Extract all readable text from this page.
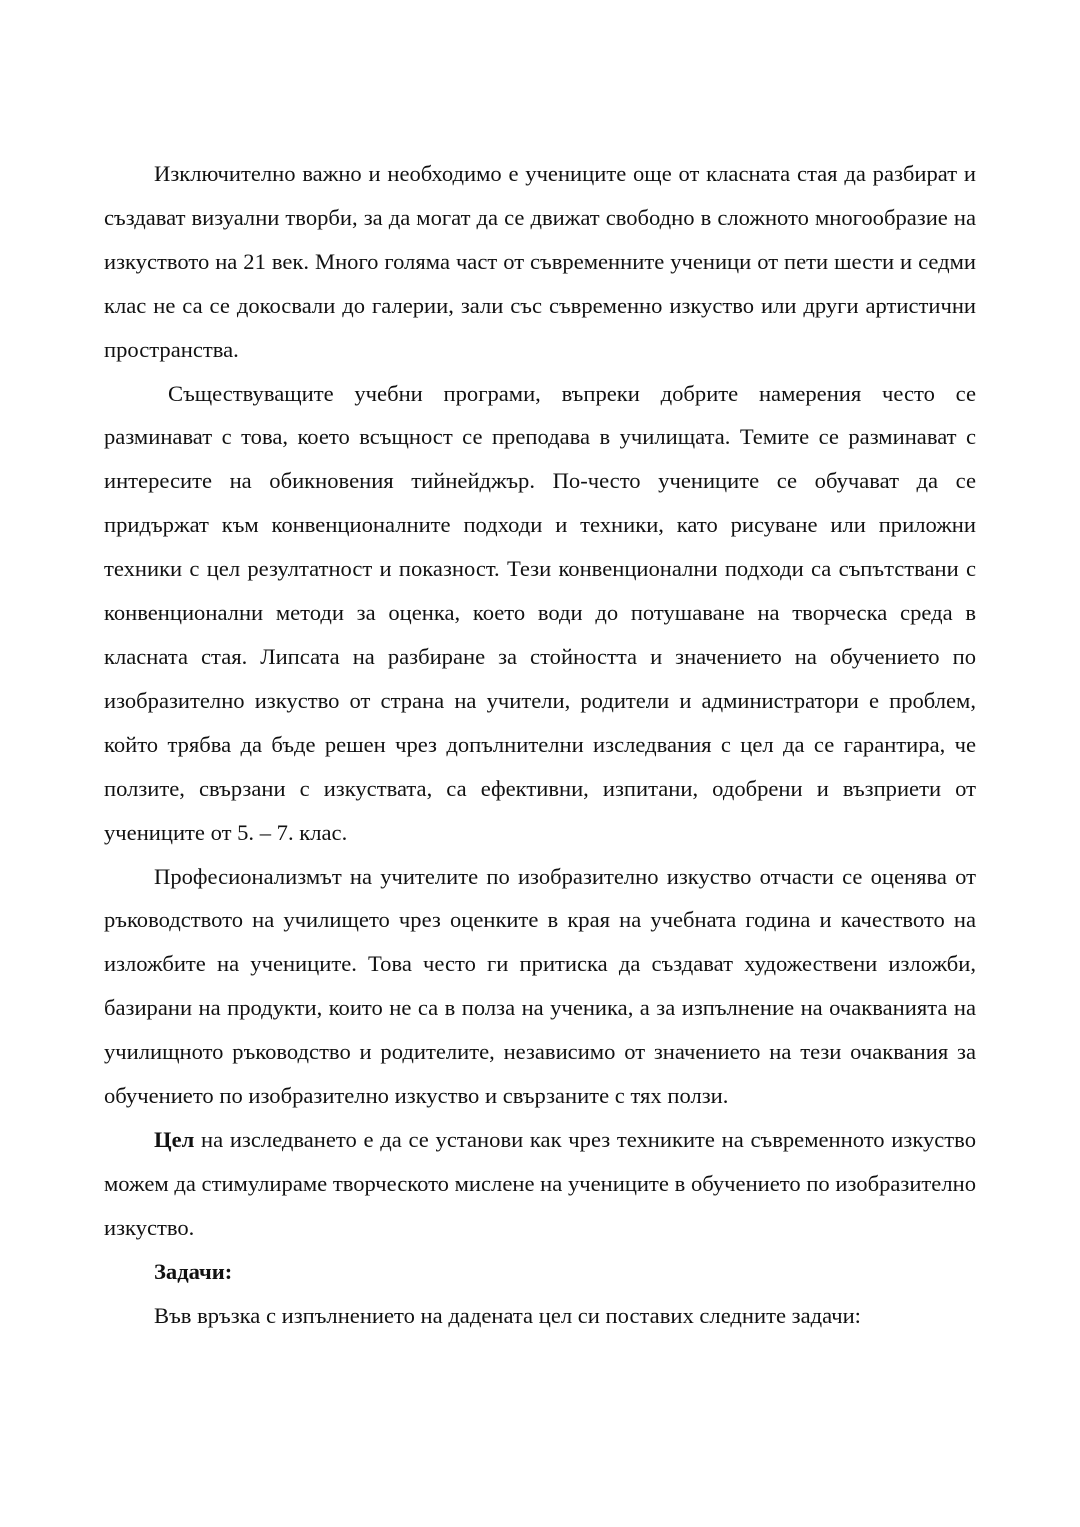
Изключително важно и необходимо е учениците още от класната стая да разбират и създават визуални творби, за да могат да се движат свободно в сложното многообразие на изкуството на 21 век. Много голяма част от съвременните ученици от пети шести и седми клас не са се докосвали до галерии, зали със съвременно изкуство или други артистични пространства.

Съществуващите учебни програми, въпреки добрите намерения често се разминават с това, което всъщност се преподава в училищата. Темите се разминават с интересите на обикновения тийнейджър. По-често учениците се обучават да се придържат към конвенционалните подходи и техники, като рисуване или приложни техники с цел резултатност и показност. Тези конвенционални подходи са съпътствани с конвенционални методи за оценка, което води до потушаване на творческа среда в класната стая. Липсата на разбиране за стойността и значението на обучението по изобразително изкуство от страна на учители, родители и администратори е проблем, който трябва да бъде решен чрез допълнителни изследвания с цел да се гарантира, че ползите, свързани с изкуствата, са ефективни, изпитани, одобрени и възприети от учениците от 5. – 7. клас.

Професионализмът на учителите по изобразително изкуство отчасти се оценява от ръководството на училището чрез оценките в края на учебната година и качеството на изложбите на учениците. Това често ги притиска да създават художествени изложби, базирани на продукти, които не са в полза на ученика, а за изпълнение на очакванията на училищното ръководство и родителите, независимо от значението на тези очаквания за обучението по изобразително изкуство и свързаните с тях ползи.

Цел на изследването е да се установи как чрез техниките на съвременното изкуство можем да стимулираме творческото мислене на учениците в обучението по изобразително изкуство.

Задачи:

Във връзка с изпълнението на дадената цел си поставих следните задачи:
